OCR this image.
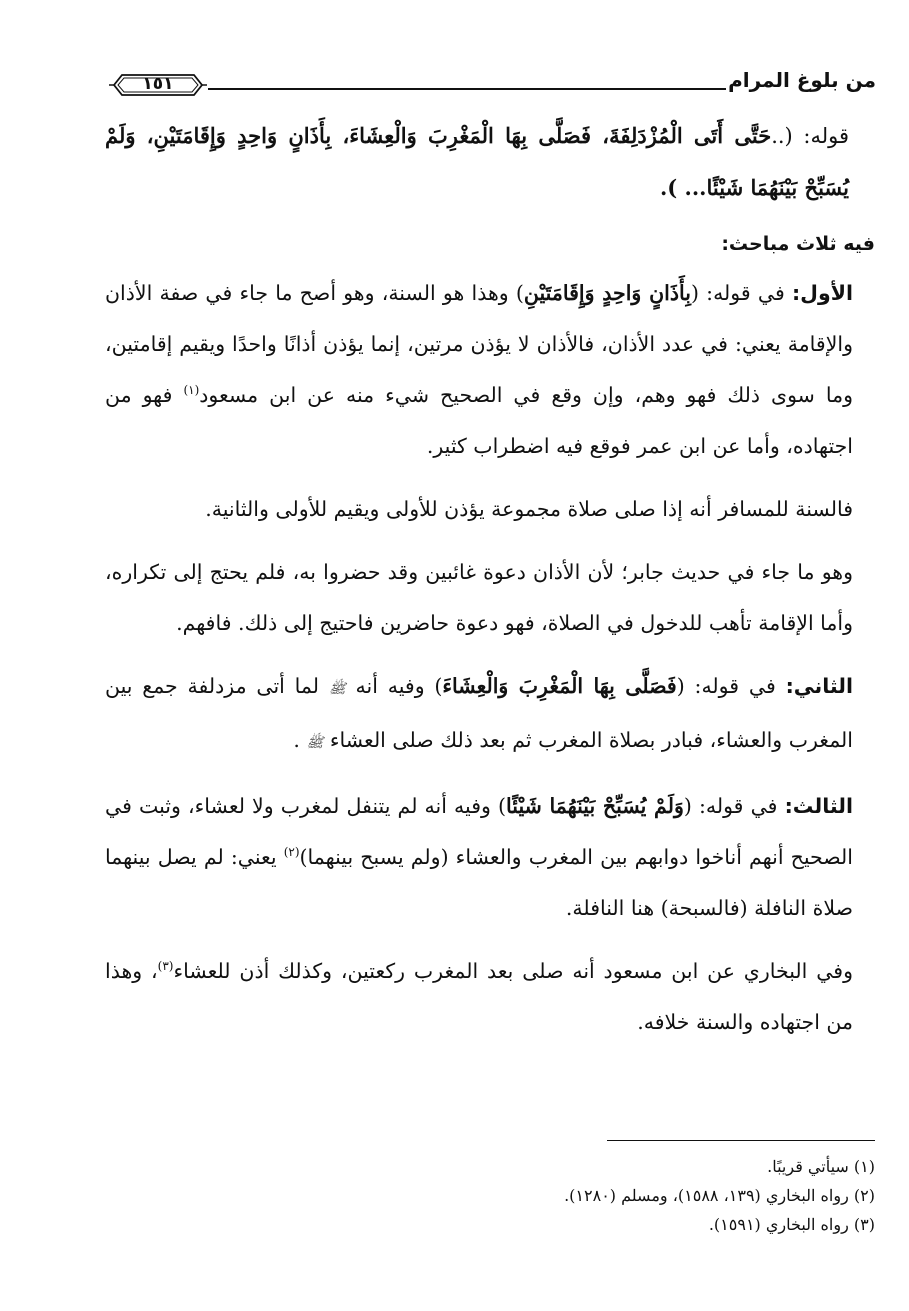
من بلوغ المرام
١٥١

قوله: (..حَتَّى أَتَى الْمُزْدَلِفَةَ، فَصَلَّى بِهَا الْمَغْرِبَ وَالْعِشَاءَ، بِأَذَانٍ وَاحِدٍ وَإِقَامَتَيْنِ، وَلَمْ يُسَبِّحْ بَيْنَهُمَا شَيْئًا... ).

فيه ثلاث مباحث:

الأول: في قوله: (بِأَذَانٍ وَاحِدٍ وَإِقَامَتَيْنِ) وهذا هو السنة، وهو أصح ما جاء في صفة الأذان والإقامة يعني: في عدد الأذان، فالأذان لا يؤذن مرتين، إنما يؤذن أذانًا واحدًا ويقيم إقامتين، وما سوى ذلك فهو وهم، وإن وقع في الصحيح شيء منه عن ابن مسعود$^{(١)}$ فهو من اجتهاده، وأما عن ابن عمر فوقع فيه اضطراب كثير.

فالسنة للمسافر أنه إذا صلى صلاة مجموعة يؤذن للأولى ويقيم للأولى والثانية.

وهو ما جاء في حديث جابر؛ لأن الأذان دعوة غائبين وقد حضروا به، فلم يحتج إلى تكراره، وأما الإقامة تأهب للدخول في الصلاة، فهو دعوة حاضرين فاحتيج إلى ذلك. فافهم.

الثاني: في قوله: (فَصَلَّى بِهَا الْمَغْرِبَ وَالْعِشَاءَ) وفيه أنه ﷺ لما أتى مزدلفة جمع بين المغرب والعشاء، فبادر بصلاة المغرب ثم بعد ذلك صلى العشاء ﷺ .

الثالث: في قوله: (وَلَمْ يُسَبِّحْ بَيْنَهُمَا شَيْئًا) وفيه أنه لم يتنفل لمغرب ولا لعشاء، وثبت في الصحيح أنهم أناخوا دوابهم بين المغرب والعشاء (ولم يسبح بينهما)$^{(٢)}$ يعني: لم يصل بينهما صلاة النافلة (فالسبحة) هنا النافلة.

وفي البخاري عن ابن مسعود أنه صلى بعد المغرب ركعتين، وكذلك أذن للعشاء$^{(٣)}$، وهذا من اجتهاده والسنة خلافه.

(١) سيأتي قريبًا.

(٢) رواه البخاري (١٣٩، ١٥٨٨)، ومسلم (١٢٨٠).

(٣) رواه البخاري (١٥٩١).
